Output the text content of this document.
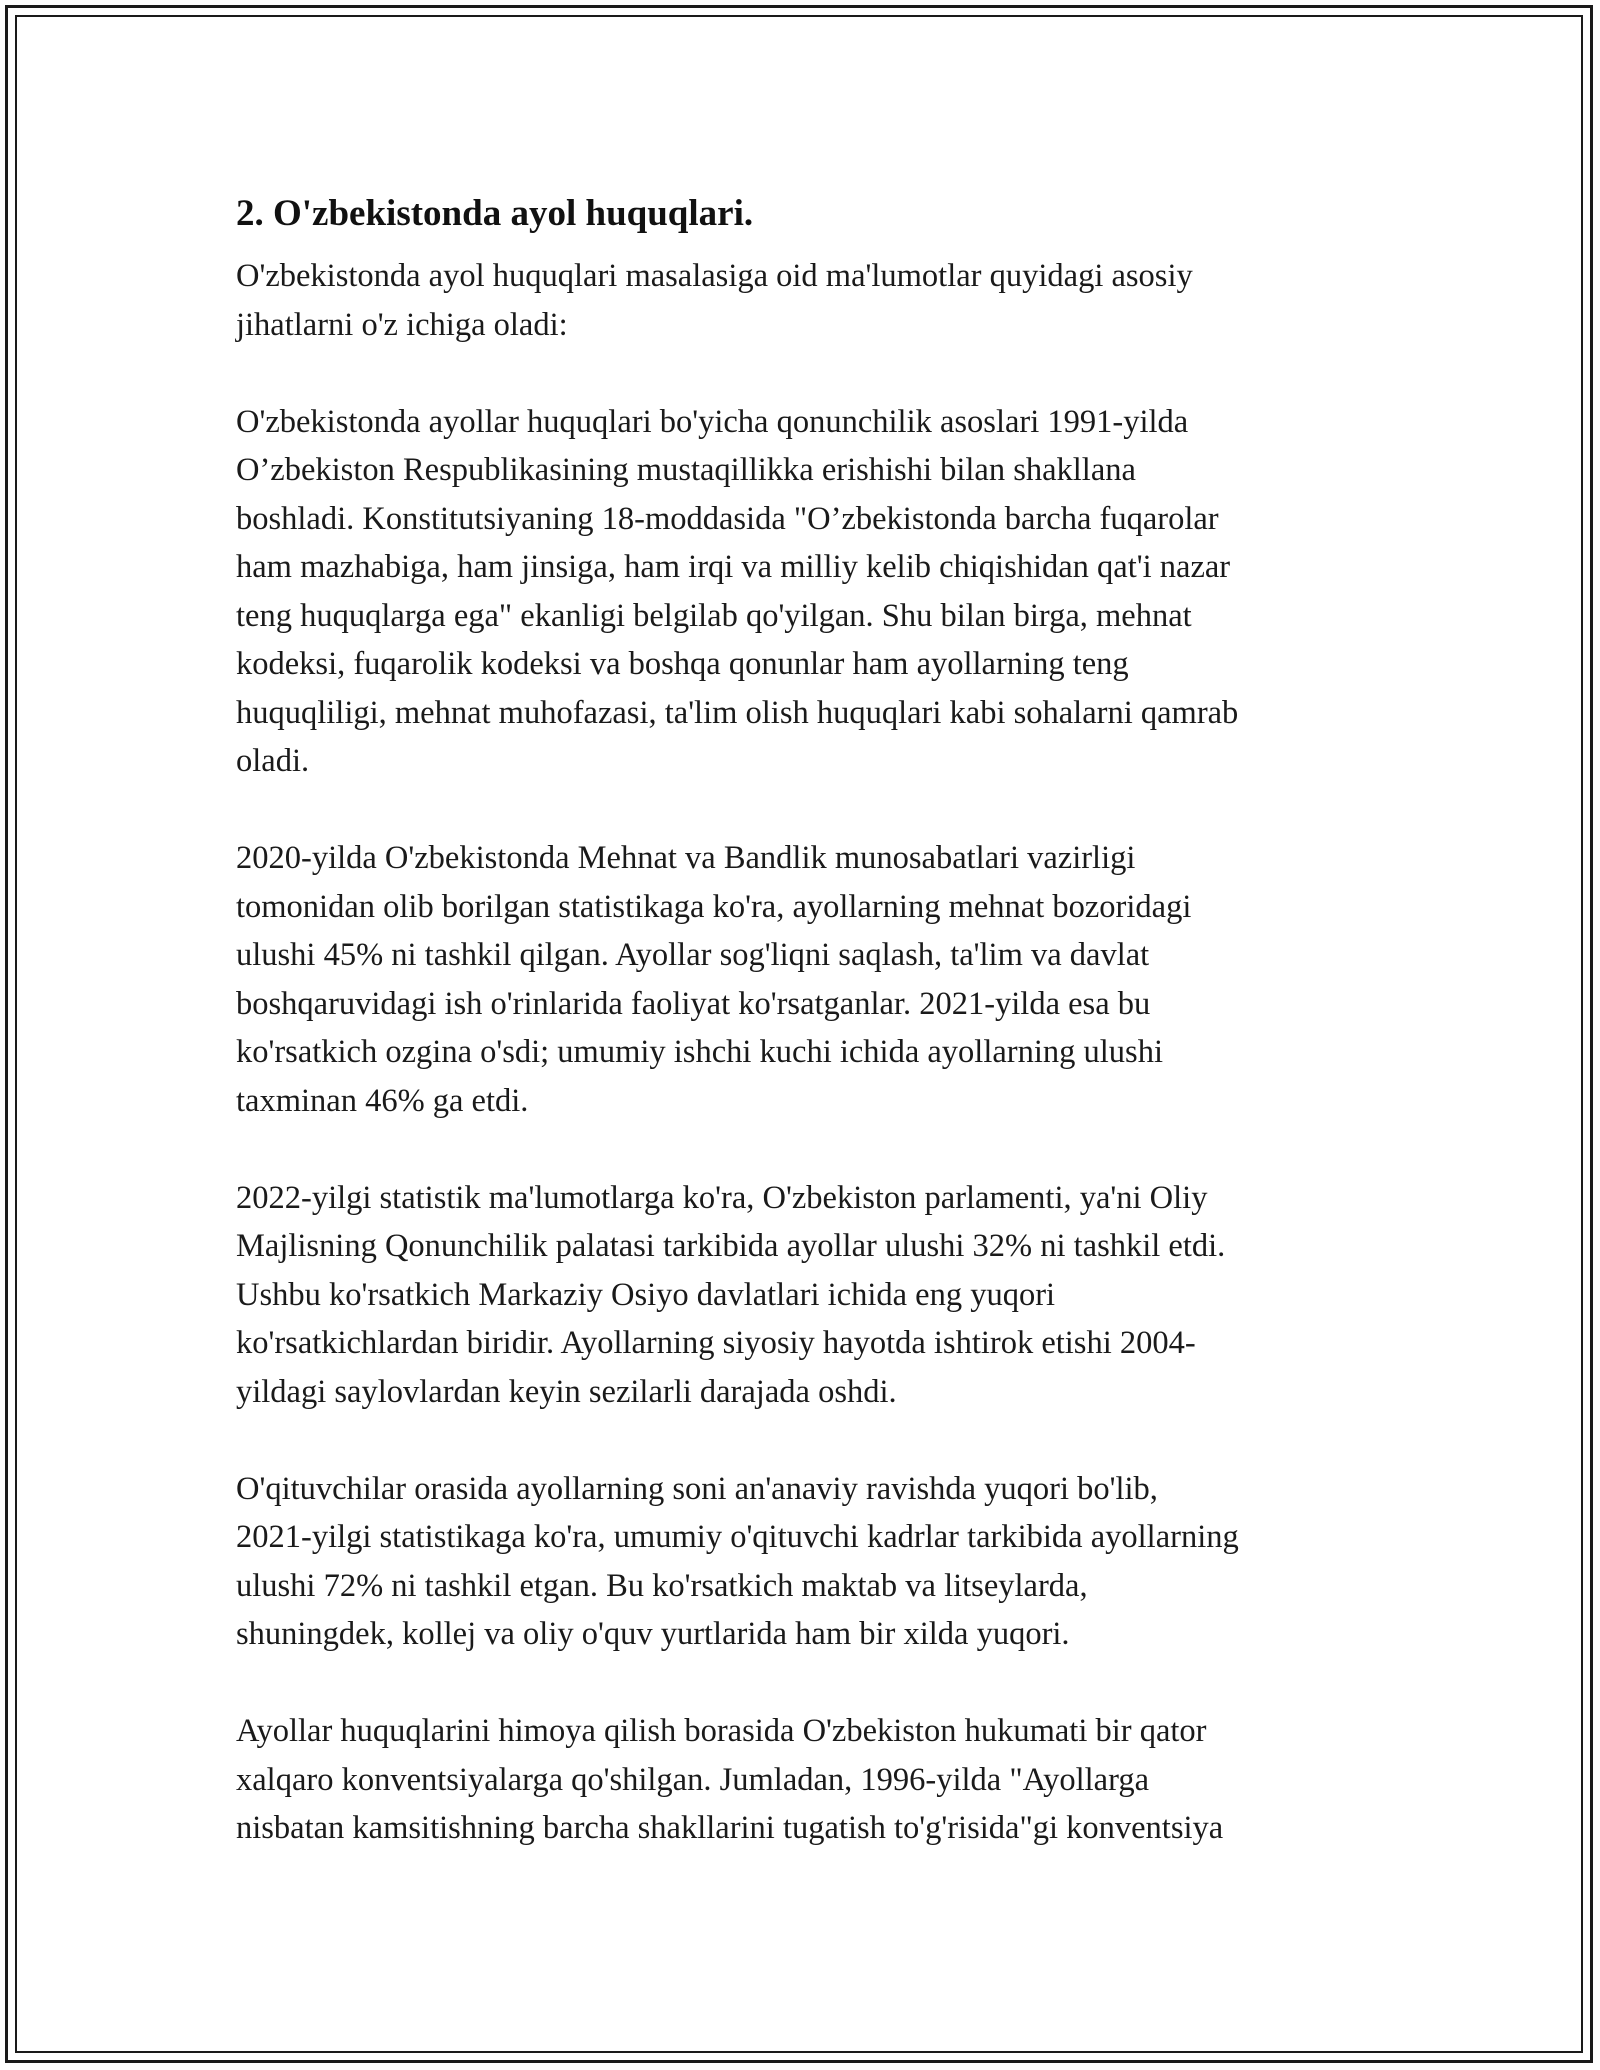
2. O'zbekistonda ayol huquqlari.

O'zbekistonda ayol huquqlari masalasiga oid ma'lumotlar quyidagi asosiy
jihatlarni o'z ichiga oladi:

O'zbekistonda ayollar huquqlari bo'yicha qonunchilik asoslari 1991-yilda
O’zbekiston Respublikasining mustaqillikka erishishi bilan shakllana
boshladi. Konstitutsiyaning 18-moddasida "O’zbekistonda barcha fuqarolar
ham mazhabiga, ham jinsiga, ham irqi va milliy kelib chiqishidan qat'i nazar
teng huquqlarga ega" ekanligi belgilab qo'yilgan. Shu bilan birga, mehnat
kodeksi, fuqarolik kodeksi va boshqa qonunlar ham ayollarning teng
huquqliligi, mehnat muhofazasi, ta'lim olish huquqlari kabi sohalarni qamrab
oladi.

2020-yilda O'zbekistonda Mehnat va Bandlik munosabatlari vazirligi
tomonidan olib borilgan statistikaga ko'ra, ayollarning mehnat bozoridagi
ulushi 45% ni tashkil qilgan. Ayollar sog'liqni saqlash, ta'lim va davlat
boshqaruvidagi ish o'rinlarida faoliyat ko'rsatganlar. 2021-yilda esa bu
ko'rsatkich ozgina o'sdi; umumiy ishchi kuchi ichida ayollarning ulushi
taxminan 46% ga etdi.

2022-yilgi statistik ma'lumotlarga ko'ra, O'zbekiston parlamenti, ya'ni Oliy
Majlisning Qonunchilik palatasi tarkibida ayollar ulushi 32% ni tashkil etdi.
Ushbu ko'rsatkich Markaziy Osiyo davlatlari ichida eng yuqori
ko'rsatkichlardan biridir. Ayollarning siyosiy hayotda ishtirok etishi 2004-
yildagi saylovlardan keyin sezilarli darajada oshdi.

O'qituvchilar orasida ayollarning soni an'anaviy ravishda yuqori bo'lib,
2021-yilgi statistikaga ko'ra, umumiy o'qituvchi kadrlar tarkibida ayollarning
ulushi 72% ni tashkil etgan. Bu ko'rsatkich maktab va litseylarda,
shuningdek, kollej va oliy o'quv yurtlarida ham bir xilda yuqori.

Ayollar huquqlarini himoya qilish borasida O'zbekiston hukumati bir qator
xalqaro konventsiyalarga qo'shilgan. Jumladan, 1996-yilda "Ayollarga
nisbatan kamsitishning barcha shakllarini tugatish to'g'risida"gi konventsiya
